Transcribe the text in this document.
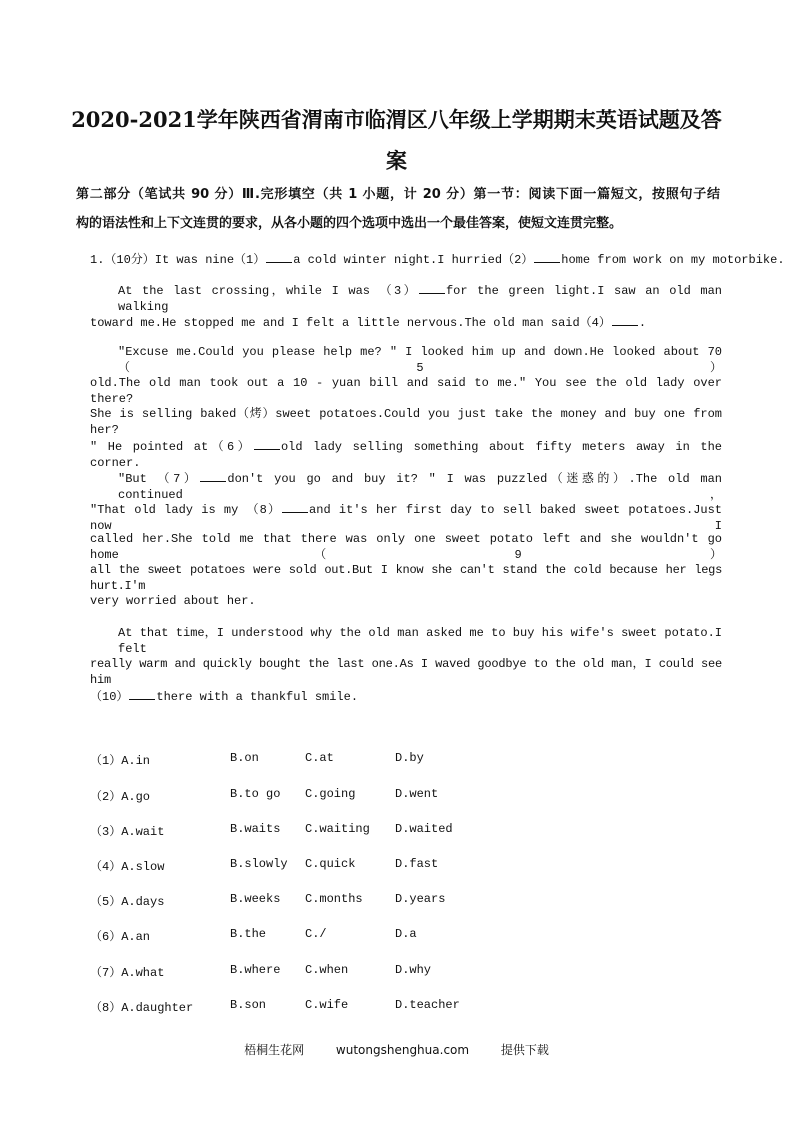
2020-2021学年陕西省渭南市临渭区八年级上学期期末英语试题及答
案
第二部分（笔试共 90 分）Ⅲ.完形填空（共 1 小题，计 20 分）第一节：阅读下面一篇短文，按照句子结
构的语法性和上下文连贯的要求，从各小题的四个选项中选出一个最佳答案，使短文连贯完整。
1.（10分）It was nine（1） a cold winter night.I hurried（2） home from work on my motorbike.
At the last crossing，while I was （3） for the green light.I saw an old man walking
toward me.He stopped me and I felt a little nervous.The old man said（4） .
"Excuse me.Could you please help me? " I looked him up and down.He looked about 70（5）
old.The old man took out a 10 - yuan bill and said to me." You see the old lady over there?
She is selling baked（烤）sweet potatoes.Could you just take the money and buy one from her?
" He pointed at（6） old lady selling something about fifty meters away in the corner.
"But （7） don't you go and buy it? " I was puzzled（迷惑的）.The old man continued，
"That old lady is my （8） and it's her first day to sell baked sweet potatoes.Just now I
called her.She told me that there was only one sweet potato left and she wouldn't go home （9）
all the sweet potatoes were sold out.But I know she can't stand the cold because her legs hurt.I'm
very worried about her.
At that time，I understood why the old man asked me to buy his wife's sweet potato.I felt
really warm and quickly bought the last one.As I waved goodbye to the old man，I could see him
（10） there with a thankful smile.
（1）A.in	B.on	C.at	D.by
（2）A.go	B.to go C.going	D.went
（3）A.wait	B.waits C.waiting D.waited
（4）A.slow	B.slowly C.quick	D.fast
（5）A.days	B.weeks C.months	D.years
（6）A.an	B.the	C./	D.a
（7）A.what	B.where C.when	D.why
（8）A.daughter	B.son	C.wife	D.teacher
梧桐生花网	wutongshenghua.com	提供下载
